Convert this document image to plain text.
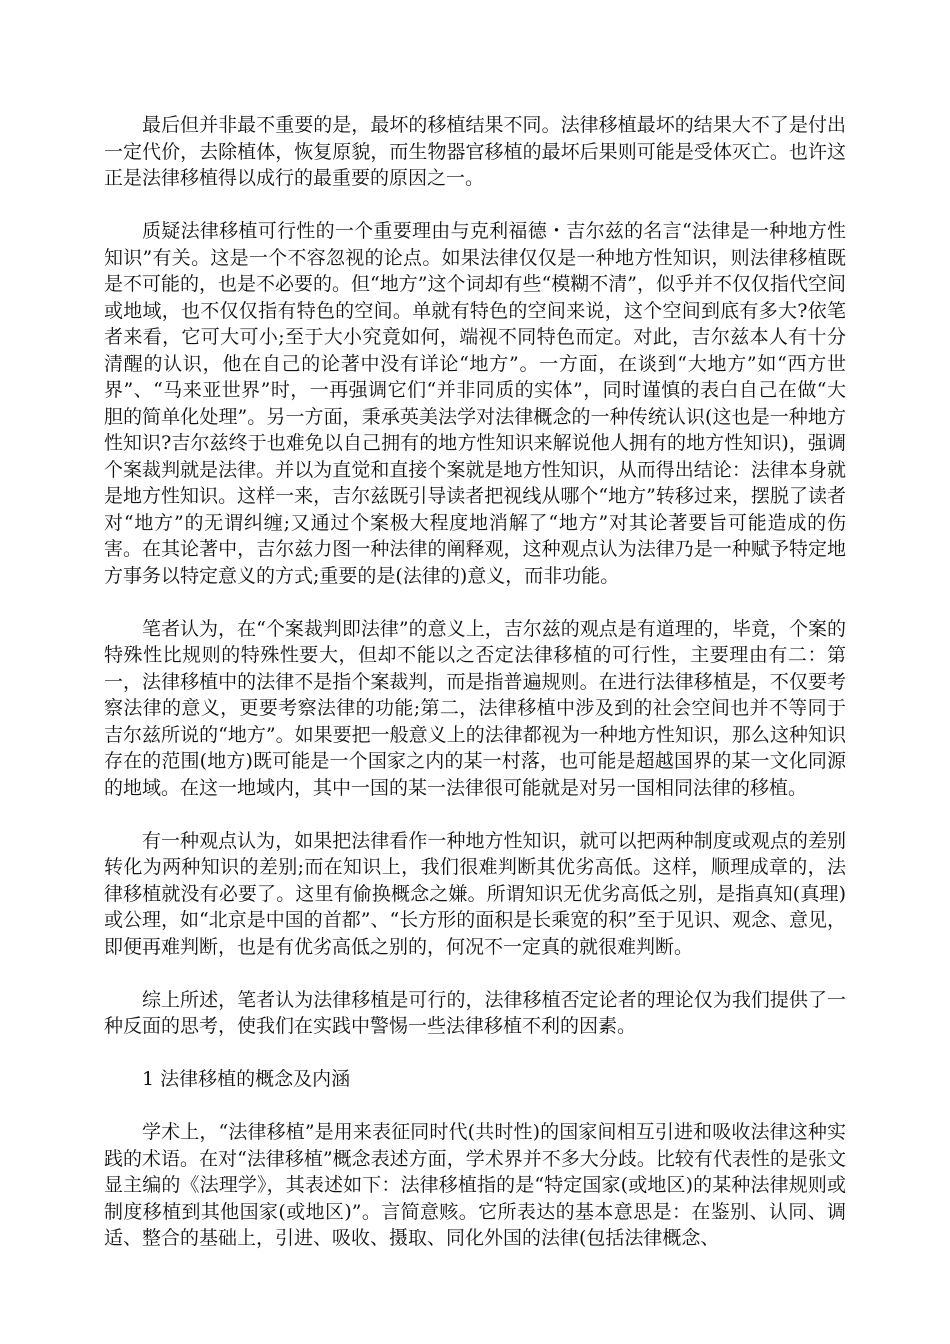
最后但并非最不重要的是，最坏的移植结果不同。法律移植最坏的结果大不了是付出一定代价，去除植体，恢复原貌，而生物器官移植的最坏后果则可能是受体灭亡。也许这正是法律移植得以成行的最重要的原因之一。

质疑法律移植可行性的一个重要理由与克利福德・吉尔兹的名言“法律是一种地方性知识”有关。这是一个不容忽视的论点。如果法律仅仅是一种地方性知识，则法律移植既是不可能的，也是不必要的。但“地方”这个词却有些“模糊不清”，似乎并不仅仅指代空间或地域，也不仅仅指有特色的空间。单就有特色的空间来说，这个空间到底有多大?依笔者来看，它可大可小;至于大小究竟如何，端视不同特色而定。对此，吉尔兹本人有十分清醒的认识，他在自己的论著中没有详论“地方”。一方面，在谈到“大地方”如“西方世界”、“马来亚世界”时，一再强调它们“并非同质的实体”，同时谨慎的表白自己在做“大胆的简单化处理”。另一方面，秉承英美法学对法律概念的一种传统认识(这也是一种地方性知识?吉尔兹终于也难免以自己拥有的地方性知识来解说他人拥有的地方性知识)，强调个案裁判就是法律。并以为直觉和直接个案就是地方性知识，从而得出结论：法律本身就是地方性知识。这样一来，吉尔兹既引导读者把视线从哪个“地方”转移过来，摆脱了读者对“地方”的无谓纠缠;又通过个案极大程度地消解了“地方”对其论著要旨可能造成的伤害。在其论著中，吉尔兹力图一种法律的阐释观，这种观点认为法律乃是一种赋予特定地方事务以特定意义的方式;重要的是(法律的)意义，而非功能。

笔者认为，在“个案裁判即法律”的意义上，吉尔兹的观点是有道理的，毕竟，个案的特殊性比规则的特殊性要大，但却不能以之否定法律移植的可行性，主要理由有二：第一，法律移植中的法律不是指个案裁判，而是指普遍规则。在进行法律移植是，不仅要考察法律的意义，更要考察法律的功能;第二，法律移植中涉及到的社会空间也并不等同于吉尔兹所说的“地方”。如果要把一般意义上的法律都视为一种地方性知识，那么这种知识存在的范围(地方)既可能是一个国家之内的某一村落，也可能是超越国界的某一文化同源的地域。在这一地域内，其中一国的某一法律很可能就是对另一国相同法律的移植。

有一种观点认为，如果把法律看作一种地方性知识，就可以把两种制度或观点的差别转化为两种知识的差别;而在知识上，我们很难判断其优劣高低。这样，顺理成章的，法律移植就没有必要了。这里有偷换概念之嫌。所谓知识无优劣高低之别，是指真知(真理)或公理，如“北京是中国的首都”、“长方形的面积是长乘宽的积”至于见识、观念、意见，即便再难判断，也是有优劣高低之别的，何况不一定真的就很难判断。

综上所述，笔者认为法律移植是可行的，法律移植否定论者的理论仅为我们提供了一种反面的思考，使我们在实践中警惕一些法律移植不利的因素。

1 法律移植的概念及内涵

学术上，“法律移植”是用来表征同时代(共时性)的国家间相互引进和吸收法律这种实践的术语。在对“法律移植”概念表述方面，学术界并不多大分歧。比较有代表性的是张文显主编的《法理学》，其表述如下：法律移植指的是“特定国家(或地区)的某种法律规则或制度移植到其他国家(或地区)”。言简意赅。它所表达的基本意思是：在鉴别、认同、调适、整合的基础上，引进、吸收、摄取、同化外国的法律(包括法律概念、
